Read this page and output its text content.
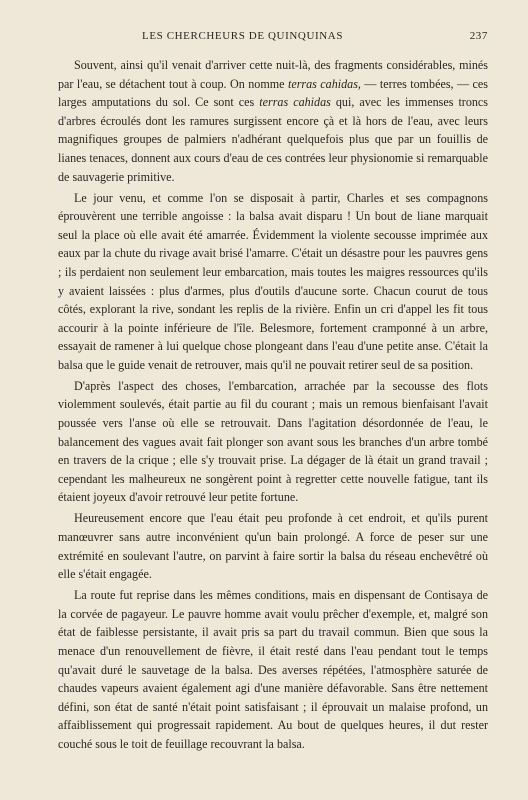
LES CHERCHEURS DE QUINQUINAS	237

Souvent, ainsi qu'il venait d'arriver cette nuit-là, des fragments considérables, minés par l'eau, se détachent tout à coup. On nomme terras cahidas, — terres tombées, — ces larges amputations du sol. Ce sont ces terras cahidas qui, avec les immenses troncs d'arbres écroulés dont les ramures surgissent encore çà et là hors de l'eau, avec leurs magnifiques groupes de palmiers n'adhérant quelquefois plus que par un fouillis de lianes tenaces, donnent aux cours d'eau de ces contrées leur physionomie si remarquable de sauvagerie primitive.

Le jour venu, et comme l'on se disposait à partir, Charles et ses compagnons éprouvèrent une terrible angoisse : la balsa avait disparu ! Un bout de liane marquait seul la place où elle avait été amarrée. Évidemment la violente secousse imprimée aux eaux par la chute du rivage avait brisé l'amarre. C'était un désastre pour les pauvres gens ; ils perdaient non seulement leur embarcation, mais toutes les maigres ressources qu'ils y avaient laissées : plus d'armes, plus d'outils d'aucune sorte. Chacun courut de tous côtés, explorant la rive, sondant les replis de la rivière. Enfin un cri d'appel les fit tous accourir à la pointe inférieure de l'île. Belesmore, fortement cramponné à un arbre, essayait de ramener à lui quelque chose plongeant dans l'eau d'une petite anse. C'était la balsa que le guide venait de retrouver, mais qu'il ne pouvait retirer seul de sa position.

D'après l'aspect des choses, l'embarcation, arrachée par la secousse des flots violemment soulevés, était partie au fil du courant ; mais un remous bienfaisant l'avait poussée vers l'anse où elle se retrouvait. Dans l'agitation désordonnée de l'eau, le balancement des vagues avait fait plonger son avant sous les branches d'un arbre tombé en travers de la crique ; elle s'y trouvait prise. La dégager de là était un grand travail ; cependant les malheureux ne songèrent point à regretter cette nouvelle fatigue, tant ils étaient joyeux d'avoir retrouvé leur petite fortune.

Heureusement encore que l'eau était peu profonde à cet endroit, et qu'ils purent manœuvrer sans autre inconvénient qu'un bain prolongé. A force de peser sur une extrémité en soulevant l'autre, on parvint à faire sortir la balsa du réseau enchevêtré où elle s'était engagée.

La route fut reprise dans les mêmes conditions, mais en dispensant de Contisaya de la corvée de pagayeur. Le pauvre homme avait voulu prêcher d'exemple, et, malgré son état de faiblesse persistante, il avait pris sa part du travail commun. Bien que sous la menace d'un renouvellement de fièvre, il était resté dans l'eau pendant tout le temps qu'avait duré le sauvetage de la balsa. Des averses répétées, l'atmosphère saturée de chaudes vapeurs avaient également agi d'une manière défavorable. Sans être nettement défini, son état de santé n'était point satisfaisant ; il éprouvait un malaise profond, un affaiblissement qui progressait rapidement. Au bout de quelques heures, il dut rester couché sous le toit de feuillage recouvrant la balsa.
